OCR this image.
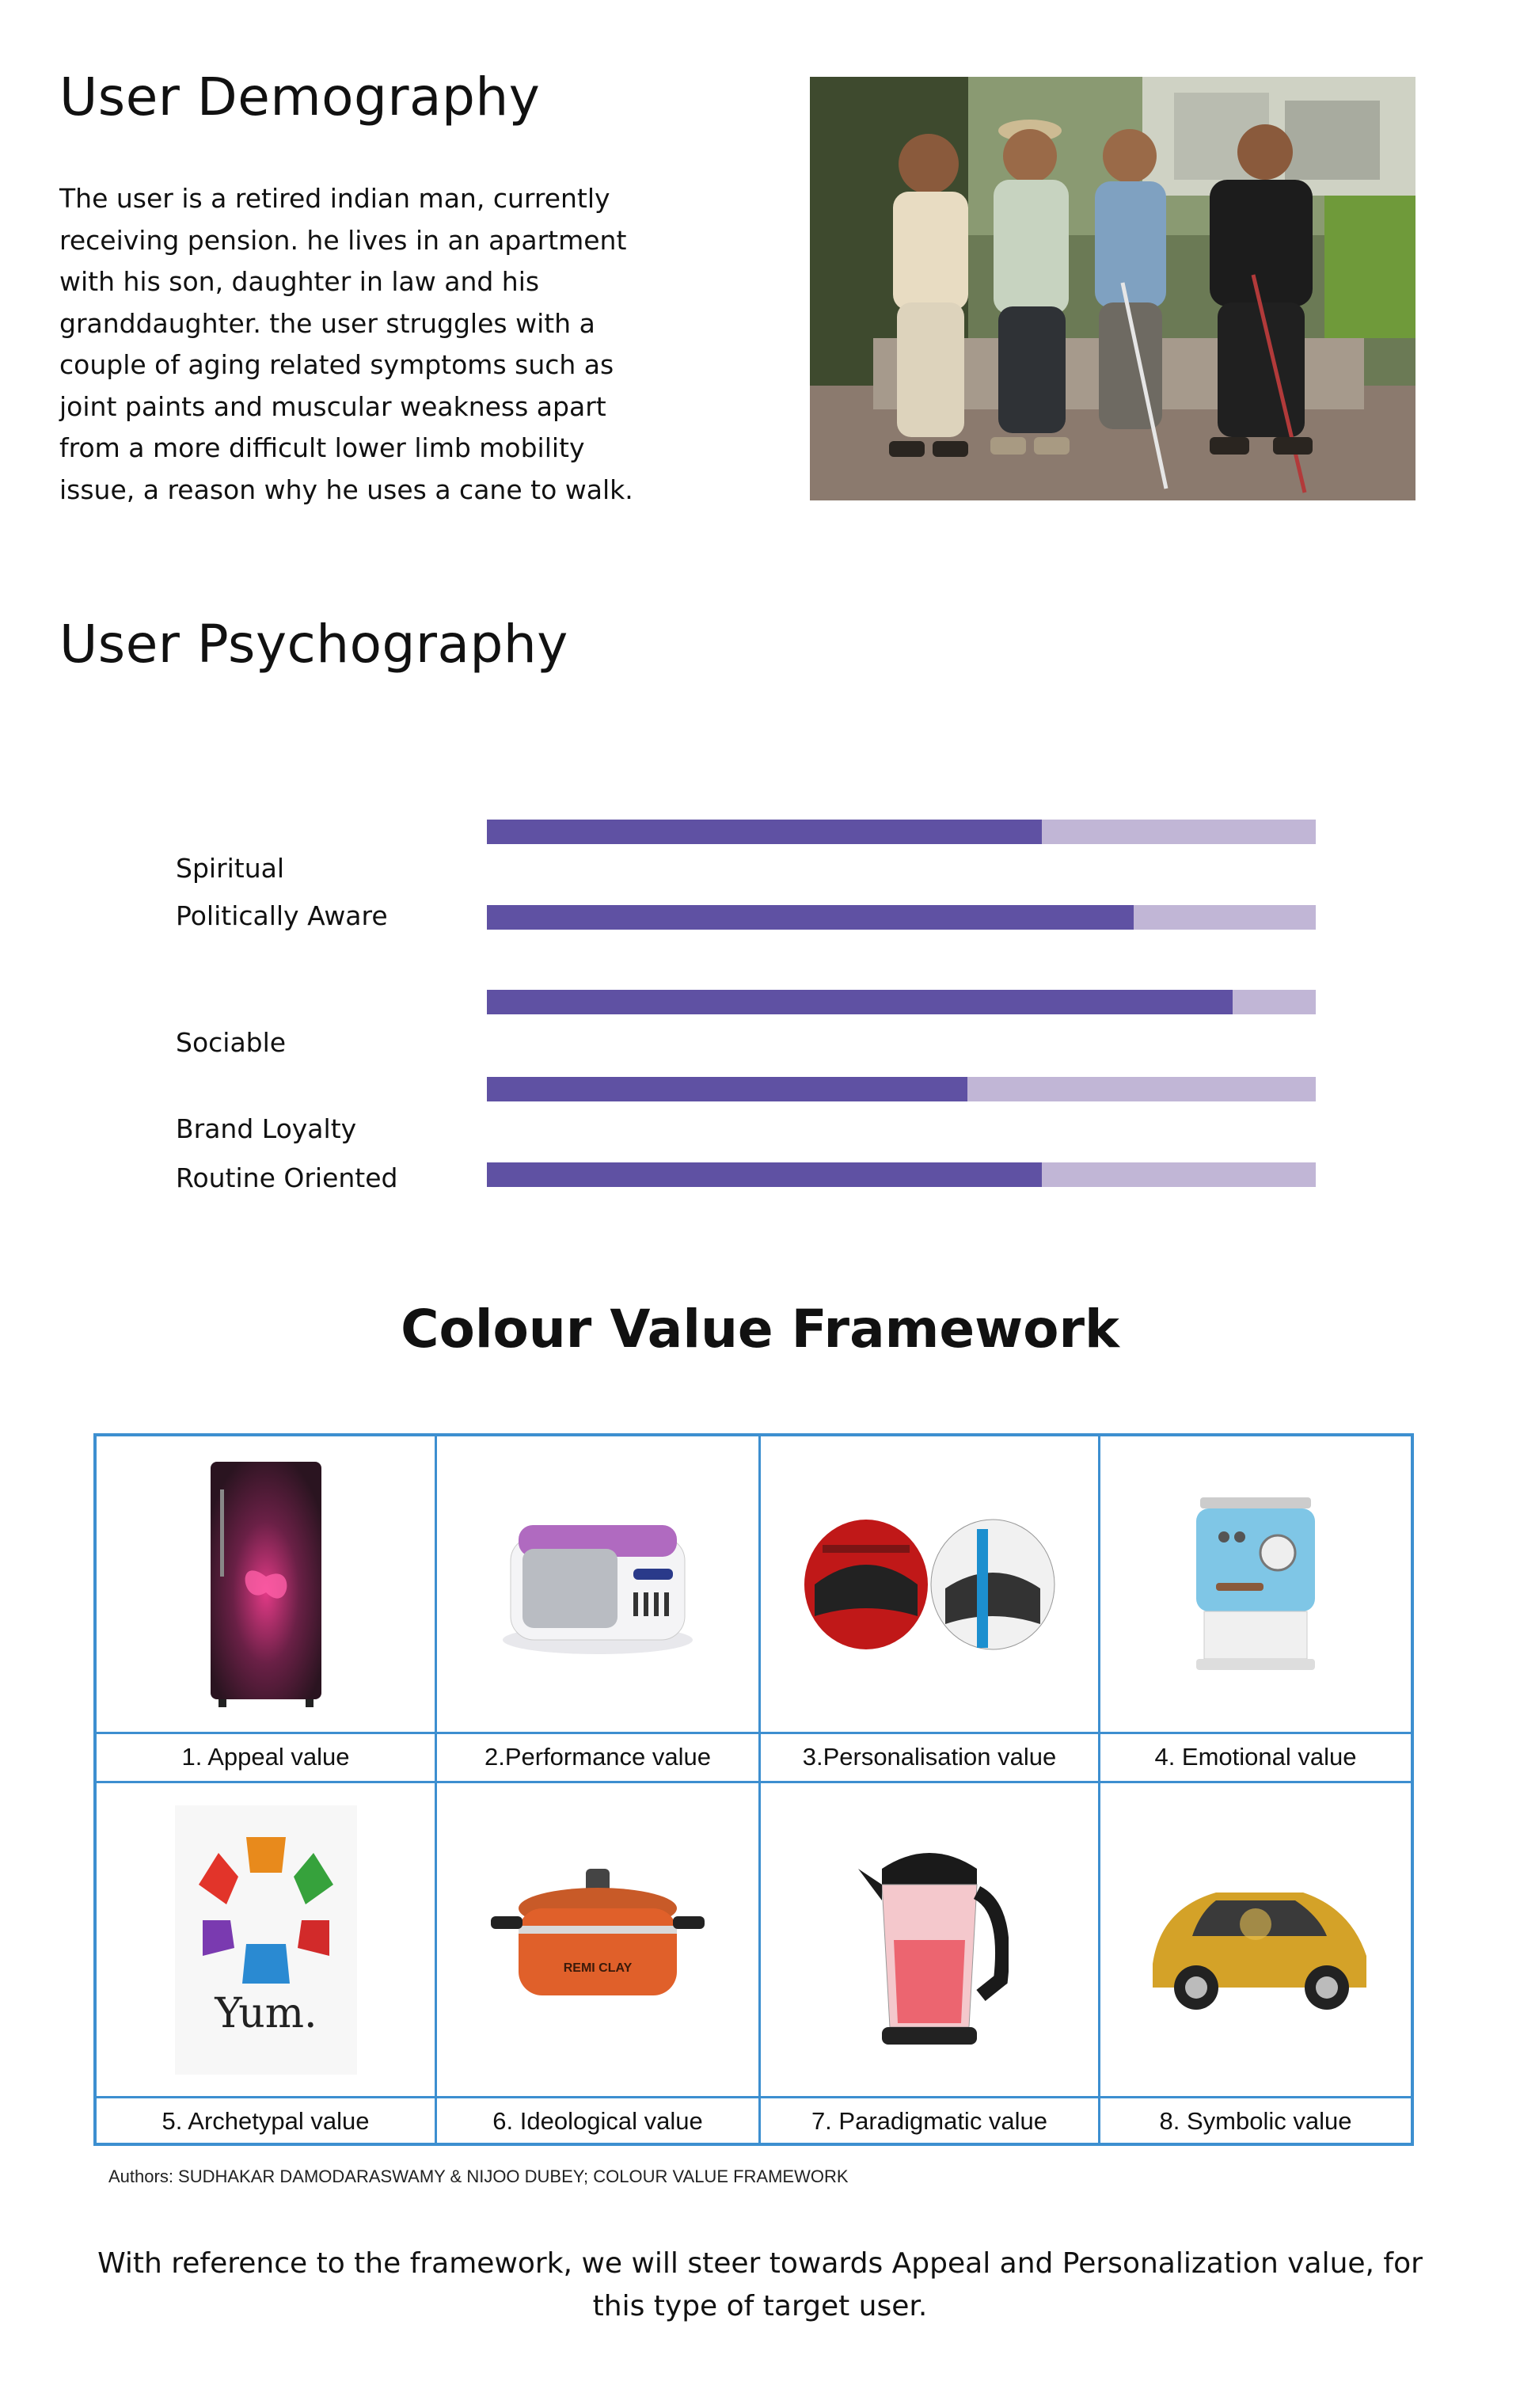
User Demography

The user is a retired indian man, currently receiving pension. he lives in an apartment with his son, daughter in law and his granddaughter. the user struggles with a couple of aging related symptoms such as joint paints and muscular weakness apart from a more difficult lower limb mobility issue, a reason why he uses a cane to walk.

User Psychography
Spiritual
Politically Aware
Sociable
Brand Loyalty
Routine Oriented
Colour Value Framework
1. Appeal value	2.Performance value	3.Personalisation value	4. Emotional value
Yum.
REMI CLAY
5. Archetypal value	6. Ideological value	7. Paradigmatic value	8. Symbolic value
Authors: SUDHAKAR DAMODARASWAMY & NIJOO DUBEY; COLOUR VALUE FRAMEWORK

With reference to the framework, we will steer towards Appeal and Personalization value, for this type of target user.
